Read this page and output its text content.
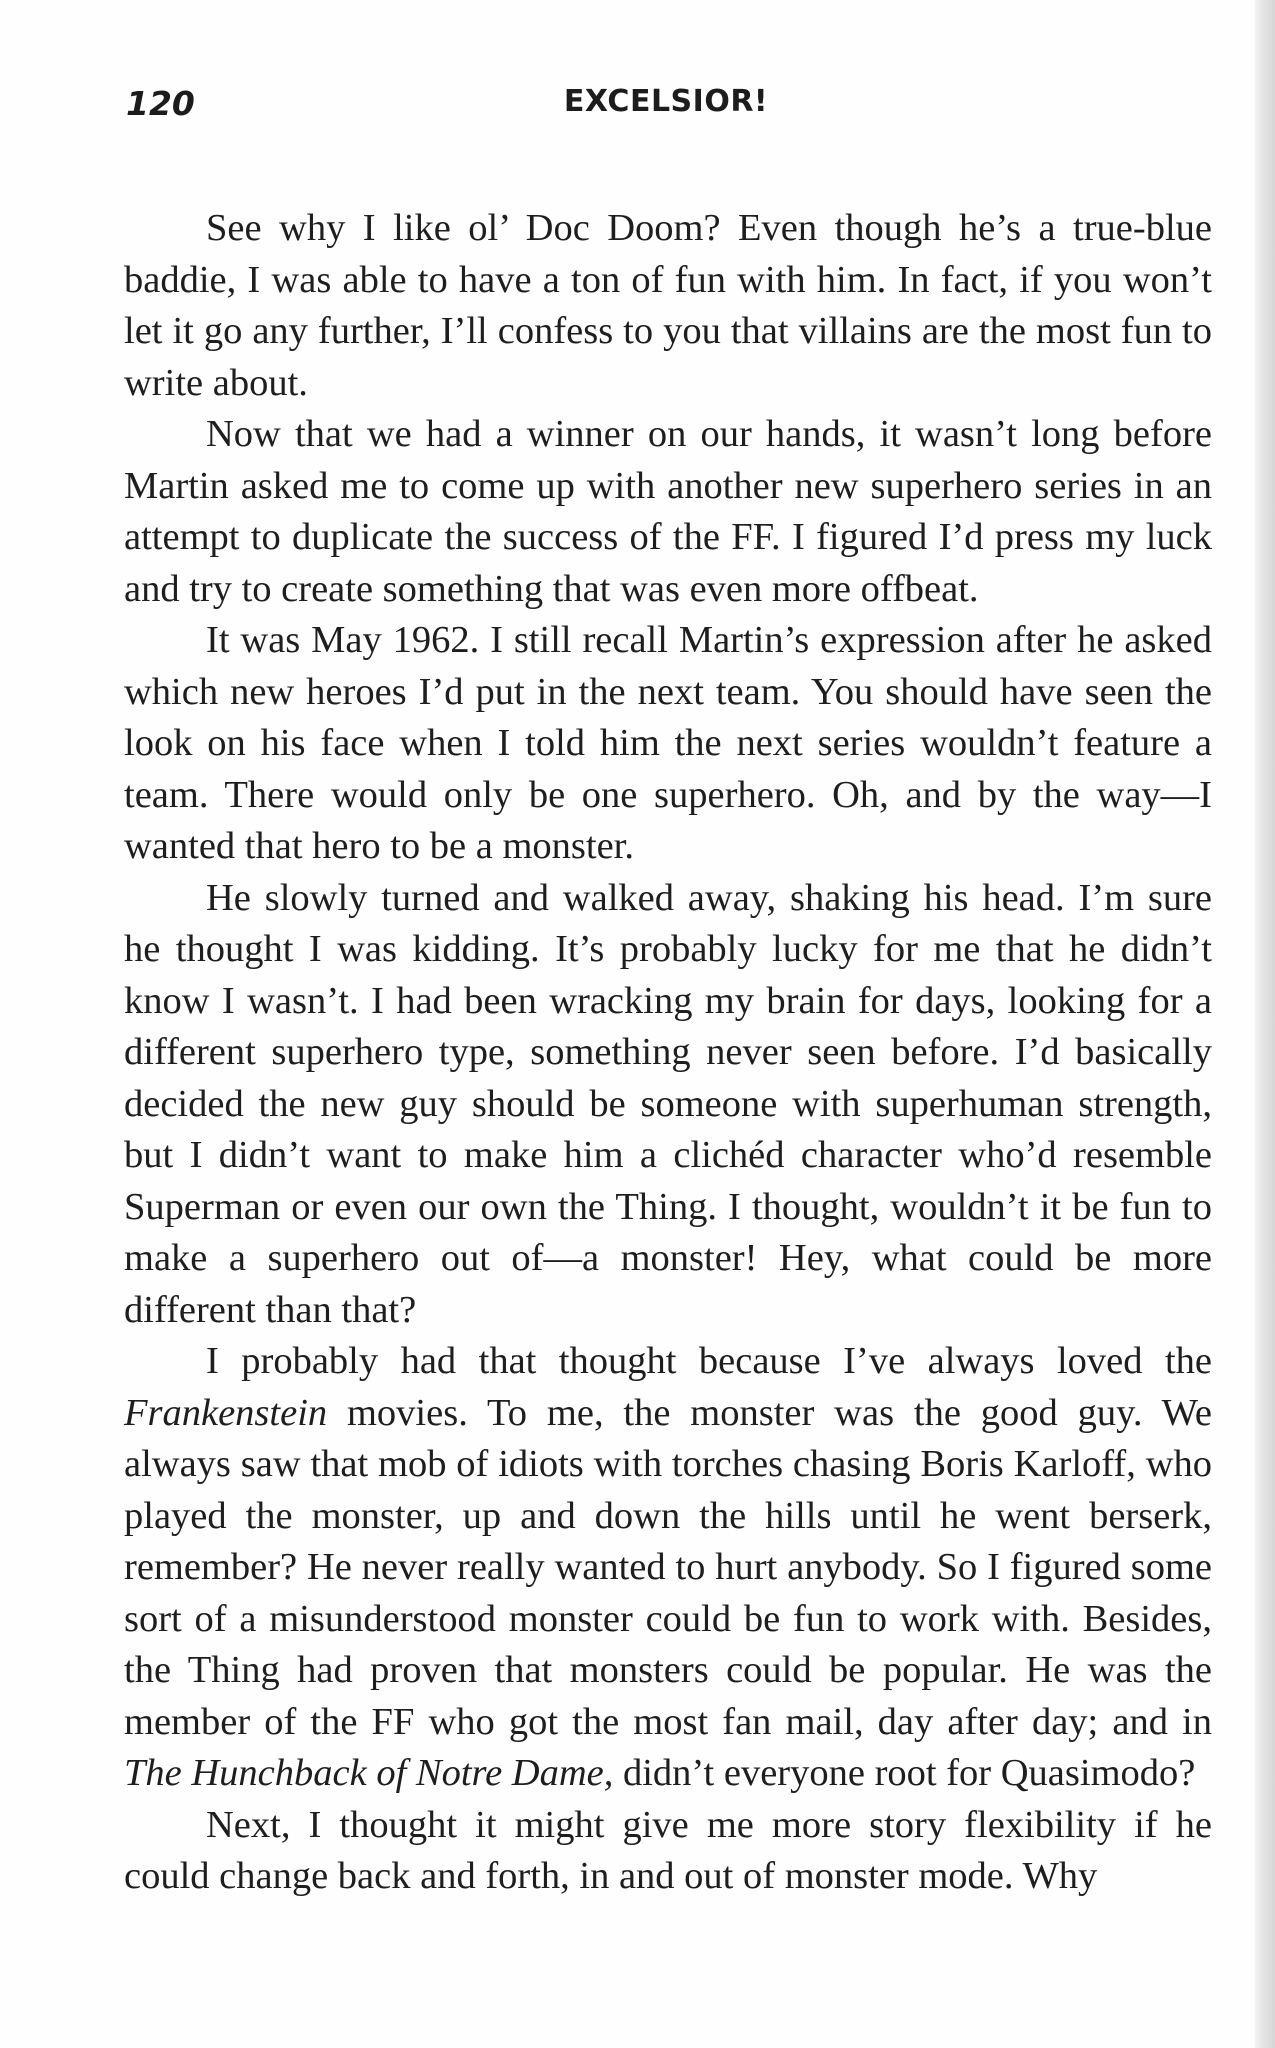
120	EXCELSIOR!

See why I like ol’ Doc Doom? Even though he’s a true-blue baddie, I was able to have a ton of fun with him. In fact, if you won’t let it go any further, I’ll confess to you that villains are the most fun to write about.

Now that we had a winner on our hands, it wasn’t long before Martin asked me to come up with another new superhero series in an attempt to duplicate the success of the FF. I figured I’d press my luck and try to create something that was even more offbeat.

It was May 1962. I still recall Martin’s expression after he asked which new heroes I’d put in the next team. You should have seen the look on his face when I told him the next series wouldn’t feature a team. There would only be one superhero. Oh, and by the way—I wanted that hero to be a monster.

He slowly turned and walked away, shaking his head. I’m sure he thought I was kidding. It’s probably lucky for me that he didn’t know I wasn’t. I had been wracking my brain for days, looking for a different superhero type, something never seen before. I’d basically decided the new guy should be someone with superhuman strength, but I didn’t want to make him a clichéd character who’d resemble Superman or even our own the Thing. I thought, wouldn’t it be fun to make a superhero out of—a monster! Hey, what could be more different than that?

I probably had that thought because I’ve always loved the Frankenstein movies. To me, the monster was the good guy. We always saw that mob of idiots with torches chasing Boris Karloff, who played the monster, up and down the hills until he went berserk, remember? He never really wanted to hurt anybody. So I figured some sort of a misunderstood monster could be fun to work with. Besides, the Thing had proven that monsters could be popular. He was the member of the FF who got the most fan mail, day after day; and in The Hunchback of Notre Dame, didn’t everyone root for Quasimodo?

Next, I thought it might give me more story flexibility if he could change back and forth, in and out of monster mode. Why
